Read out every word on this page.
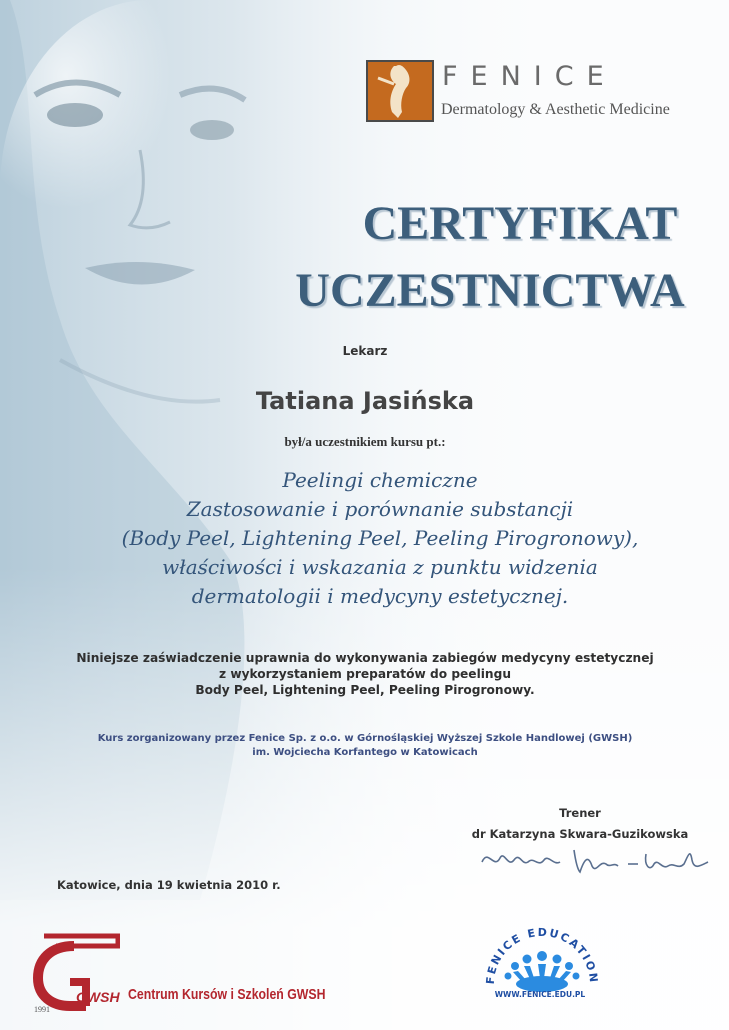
FENICE
Dermatology & Aesthetic Medicine
CERTYFIKAT
UCZESTNICTWA
Lekarz
Tatiana Jasińska
był/a uczestnikiem kursu pt.:
Peelingi chemiczne
Zastosowanie i porównanie substancji
(Body Peel, Lightening Peel, Peeling Pirogronowy),
właściwości i wskazania z punktu widzenia
dermatologii i medycyny estetycznej.
Niniejsze zaświadczenie uprawnia do wykonywania zabiegów medycyny estetycznej
z wykorzystaniem preparatów do peelingu
Body Peel, Lightening Peel, Peeling Pirogronowy.
Kurs zorganizowany przez Fenice Sp. z o.o. w Górnośląskiej Wyższej Szkole Handlowej (GWSH)
im. Wojciecha Korfantego w Katowicach
Trener
dr Katarzyna Skwara-Guzikowska
Katowice, dnia 19 kwietnia 2010 r.
1991
GWSH Centrum Kursów i Szkoleń GWSH
FENICE EDUCATION
WWW.FENICE.EDU.PL
